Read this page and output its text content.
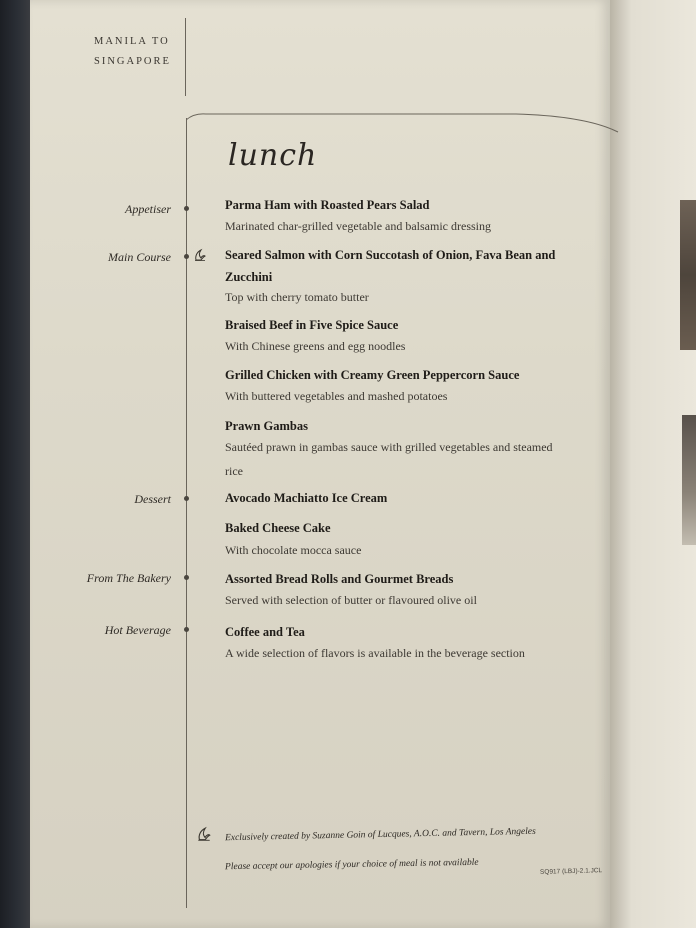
MANILA TO
SINGAPORE
lunch
Appetiser	Parma Ham with Roasted Pears Salad
Marinated char-grilled vegetable and balsamic dressing
Main Course	Seared Salmon with Corn Succotash of Onion, Fava Bean and
Zucchini
Top with cherry tomato butter
Braised Beef in Five Spice Sauce
With Chinese greens and egg noodles
Grilled Chicken with Creamy Green Peppercorn Sauce
With buttered vegetables and mashed potatoes
Prawn Gambas
Sautéed prawn in gambas sauce with grilled vegetables and steamed
rice
Dessert	Avocado Machiatto Ice Cream
Baked Cheese Cake
With chocolate mocca sauce
From The Bakery	Assorted Bread Rolls and Gourmet Breads
Served with selection of butter or flavoured olive oil
Hot Beverage	Coffee and Tea
A wide selection of flavors is available in the beverage section
Exclusively created by Suzanne Goin of Lucques, A.O.C. and Tavern, Los Angeles
Please accept our apologies if your choice of meal is not available	SQ917 (LBJ)-2.1.JCL
